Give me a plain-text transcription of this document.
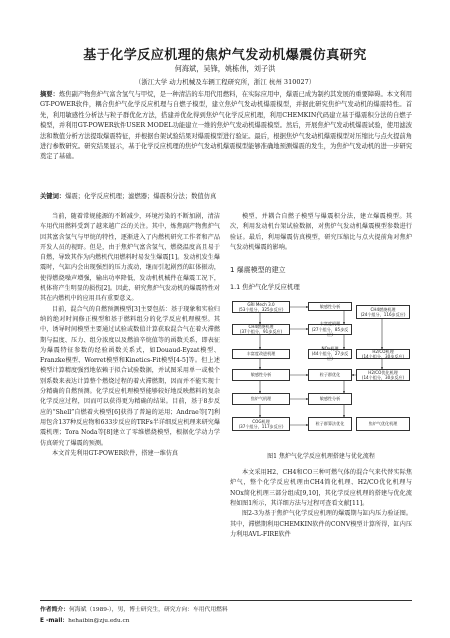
基于化学反应机理的焦炉气发动机爆震仿真研究
何海斌，吴锋，姚栋伟，刘子洪
（浙江大学 动力机械及车辆工程研究所，浙江 杭州 310027）
摘要：炼焦副产物焦炉气富含氢气与甲烷，是一种清洁的车用代用燃料，在实际应用中，爆震已成为制约其发展的重要障碍。本文利用GT-POWER软件，耦合焦炉气化学反应机理与自燃子模型，建立焦炉气发动机爆震模型，并据此研究焦炉气发动机的爆震特性。首先，利用敏感性分析法与粒子群优化方法，搭建并优化得到焦炉气化学反应机理，利用CHEMKIN代码建立基于爆震积分法的自燃子模型，并利用GT-POWER软件USER MODEL功能建立一维的焦炉气发动机爆震模型。然后，开展焦炉气发动机爆震试验，使用滤波法和数值分析方法提取爆震特征，并根据台架试验结果对爆震模型进行验证。最后，根据焦炉气发动机爆震模型对压缩比与点火提前角进行参数研究。研究结果显示，基于化学反应机理的焦炉气发动机爆震模型能够准确地预测爆震的发生，为焦炉气发动机的进一步研究奠定了基础。
关键词：爆震；化学反应机理；滤燃器；爆震积分法；数值仿真

当前，随着常规能源的不断减少，环境污染的不断加剧，清洁车用代用燃料受到了越来越广泛的关注。其中，炼焦副产物焦炉气因其富含氢气与甲烷的特性，逐渐进入了内燃机研究工作者和产品开发人员的视野。但是，由于焦炉气富含氢气，燃烧温度高且易于自燃，导致其作为内燃机代用燃料时易发生爆震[1]。发动机发生爆震时，气缸内会出现强烈的压力波动，继而引起剧烈的缸体振动，使得燃烧噪声增强，输出功率降低，发动机机械件在爆震工况下，机体将产生明显的损伤[2]。因此，研究焦炉气发动机的爆震特性对其在内燃机中的应用具有重要意义。

目前，混合气的自燃预测模型[3]主要包括：基于现象和实验归纳的绝对时间修正模型和基于燃料组分的化学反应机理模型。其中，诱导时间模型主要通过试验或数值计算获取混合气在着火滞燃期与温度、压力、组分浓度以及燃油辛烷值等的函数关系，即表征为爆震特征参数的经验函数关系式，如Douaud-Eyzat模型、Franzke模型、Worret模型和Kinetics-Fit模型[4-5]等。但上述模型计算精度强烈地依赖于拟合试验数据，并试图采用单一或极个别系数来表达计算整个燃烧过程的着火滞燃期，因而并不能实现十分精确的自燃预测。化学反应机理模型能够较好地反映燃料的复杂化学反应过程，因而可以获得更为精确的结果。目前，基于8步反应的“Shell”自燃着火模型[6]获得了普遍的运用；Andrae等[7]利用包含137种反应物和633步反应的TRFs半详细反应机理来研究爆震机理；Tora Noda等[8]建立了零维燃烧模型，根据化学动力学仿真研究了爆震的预测。

本文首先利用GT-POWER软件，搭建一维仿真

模型，并耦合自燃子模型与爆震积分法，建立爆震模型。其次，利用发动机台架试验数据，对焦炉气发动机爆震模型参数进行验证。最后，利用爆震仿真模型，研究压缩比与点火提前角对焦炉气发动机爆震的影响。

1 爆震模型的建立
1.1 焦炉气化学反应机理
GRI Mech 3.0
(53个组分，325步反应)
敏感性分析
CH4燃烧机理
(24个组分，116步反应)
CH4燃烧机理
(37个组分，91步反应)
丰富度机理
(27个组分，85步反应)
丰富度改进机理
NOx机理
(44个组分，27步反应)
H2/CO机理
(14个组分，30步反应)
敏感性分析	粒子群优化
H2/CO优化机理
(14个组分，30步反应)
焦炉气机理	敏感性分析
COG机理
(37个组分，117步反应)
粒子群算法优化	焦炉气优化机理
图1 焦炉气化学反应机理搭建与优化流程

本文采用H2、CH4和CO三种可燃气体的混合气来代替实际焦炉气，整个化学反应机理由CH4简化机理、H2/CO优化机理与NOx简化机理三部分组成[9,10]，其化学反应机理的搭建与优化流程如图1所示，其详细方法与过程可查看文献[11]。

图2-3为基于焦炉气化学反应机理的爆震期与缸内压力验证图。其中，滞燃期利用CHEMKIN软件的CONV模型计算所得，缸内压力利用AVL-FIRE软件

作者简介：何海斌（1989-），男，博士研究生，研究方向：车用代用燃料
E -mail：hehaibin@zju.edu.cn
